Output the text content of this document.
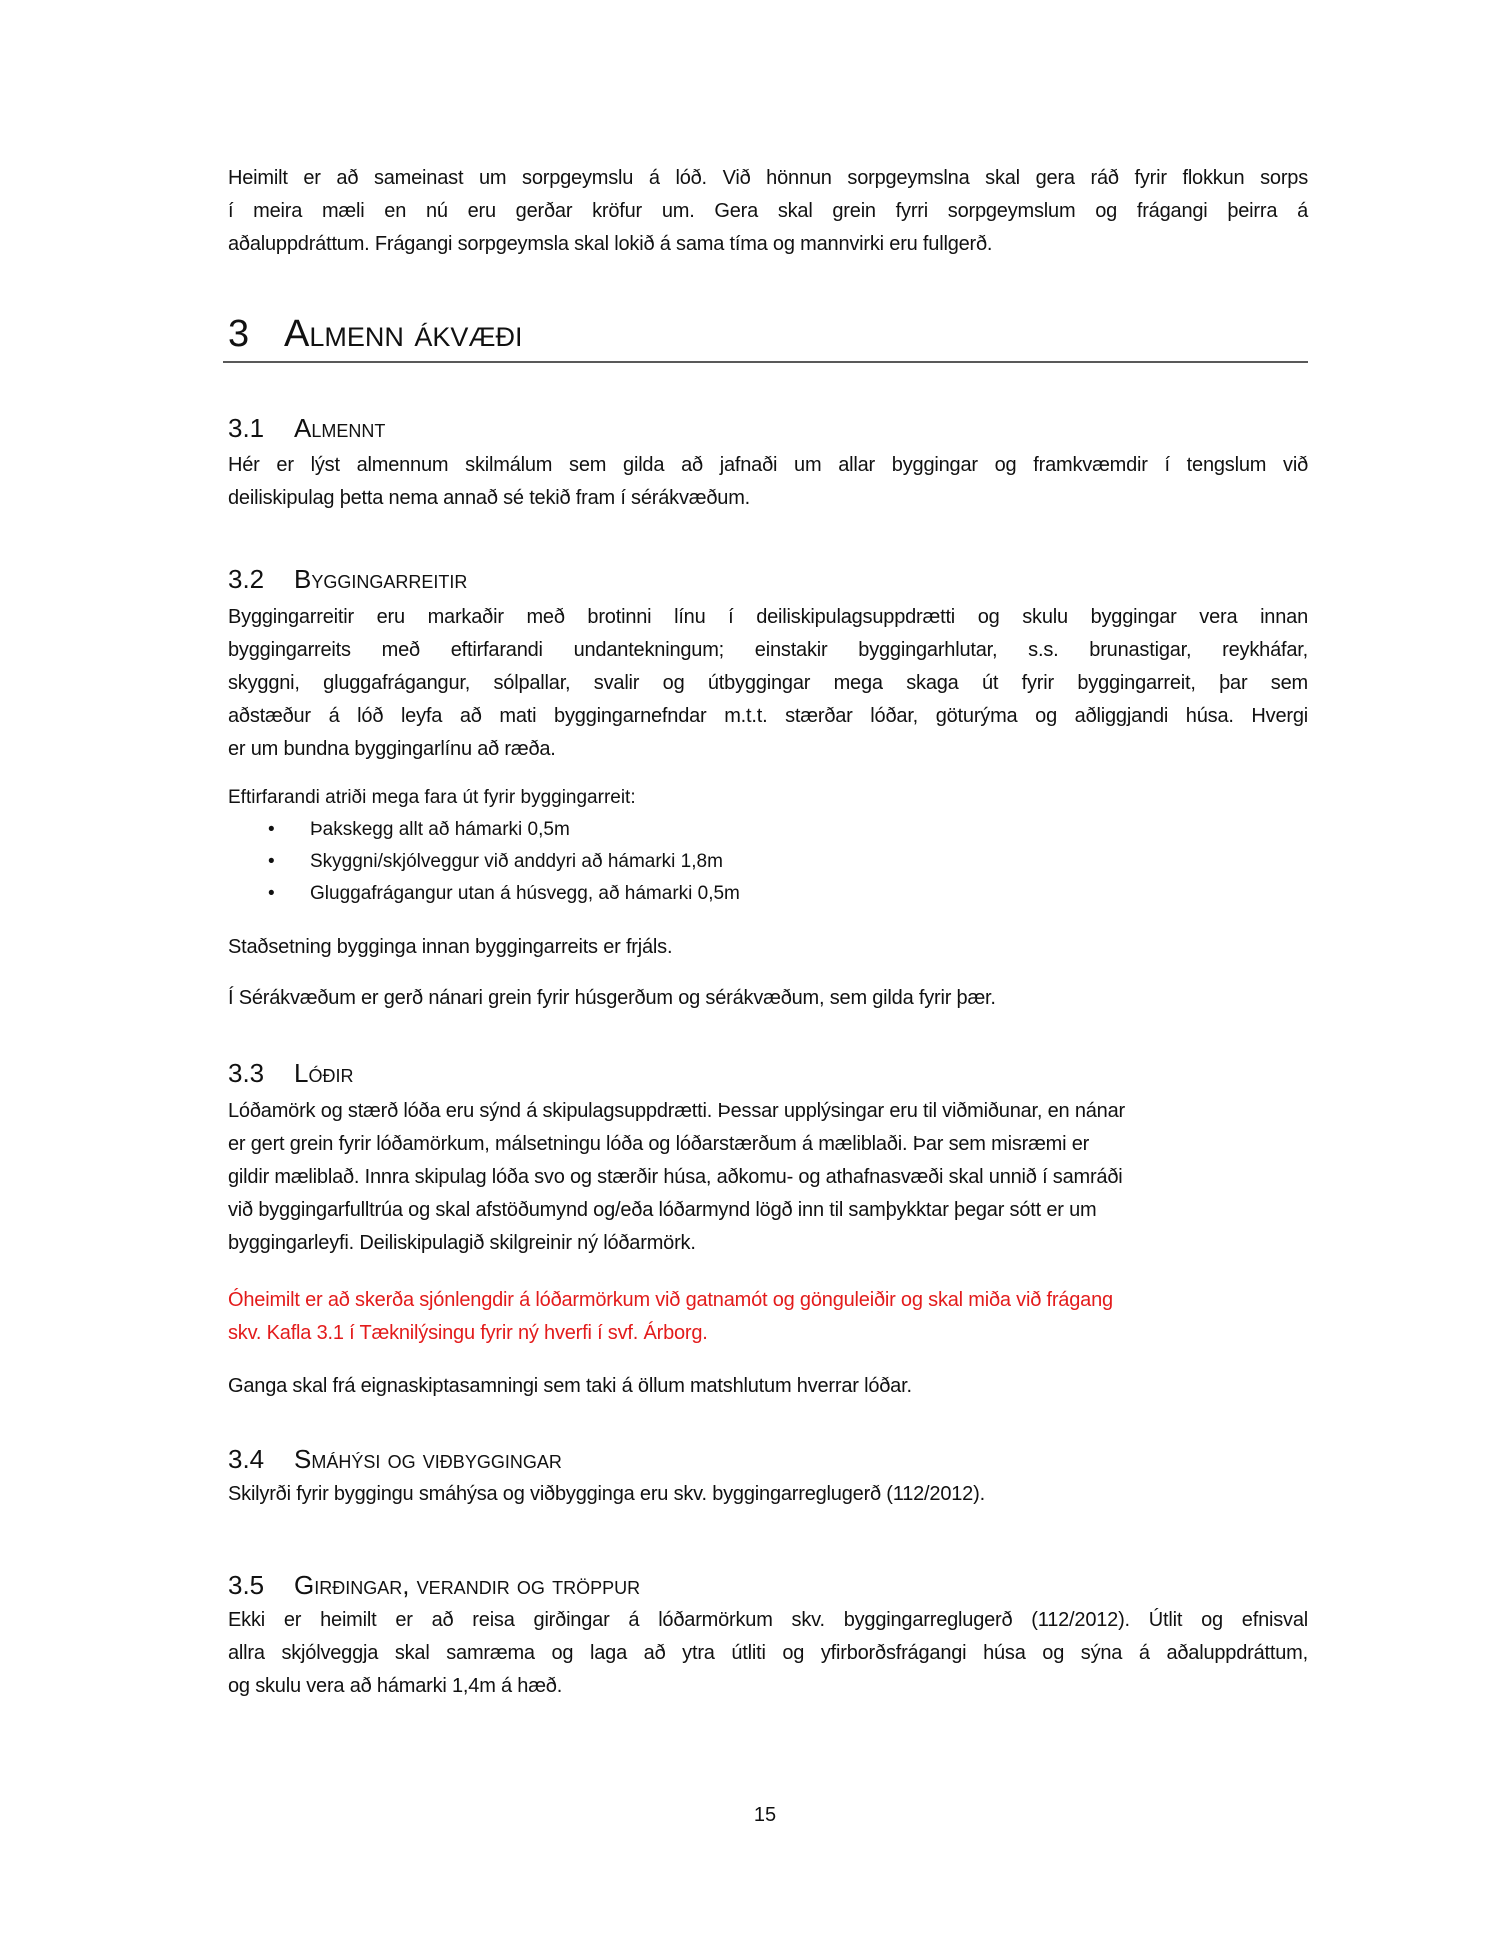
Heimilt er að sameinast um sorpgeymslu á lóð. Við hönnun sorpgeymslna skal gera ráð fyrir flokkun sorps
í meira mæli en nú eru gerðar kröfur um. Gera skal grein fyrri sorpgeymslum og frágangi þeirra á
aðaluppdráttum. Frágangi sorpgeymsla skal lokið á sama tíma og mannvirki eru fullgerð.
3 Almenn ákvæði
3.1 Almennt
Hér er lýst almennum skilmálum sem gilda að jafnaði um allar byggingar og framkvæmdir í tengslum við
deiliskipulag þetta nema annað sé tekið fram í sérákvæðum.
3.2 Byggingarreitir
Byggingarreitir eru markaðir með brotinni línu í deiliskipulagsuppdrætti og skulu byggingar vera innan
byggingarreits með eftirfarandi undantekningum; einstakir byggingarhlutar, s.s. brunastigar, reykháfar,
skyggni, gluggafrágangur, sólpallar, svalir og útbyggingar mega skaga út fyrir byggingarreit, þar sem
aðstæður á lóð leyfa að mati byggingarnefndar m.t.t. stærðar lóðar, göturýma og aðliggjandi húsa. Hvergi
er um bundna byggingarlínu að ræða.
Eftirfarandi atriði mega fara út fyrir byggingarreit:
• Þakskegg allt að hámarki 0,5m
• Skyggni/skjólveggur við anddyri að hámarki 1,8m
• Gluggafrágangur utan á húsvegg, að hámarki 0,5m
Staðsetning bygginga innan byggingarreits er frjáls.
Í Sérákvæðum er gerð nánari grein fyrir húsgerðum og sérákvæðum, sem gilda fyrir þær.
3.3 Lóðir
Lóðamörk og stærð lóða eru sýnd á skipulagsuppdrætti. Þessar upplýsingar eru til viðmiðunar, en nánar
er gert grein fyrir lóðamörkum, málsetningu lóða og lóðarstærðum á mæliblaði. Þar sem misræmi er
gildir mæliblað. Innra skipulag lóða svo og stærðir húsa, aðkomu- og athafnasvæði skal unnið í samráði
við byggingarfulltrúa og skal afstöðumynd og/eða lóðarmynd lögð inn til samþykktar þegar sótt er um
byggingarleyfi. Deiliskipulagið skilgreinir ný lóðarmörk.
Óheimilt er að skerða sjónlengdir á lóðarmörkum við gatnamót og gönguleiðir og skal miða við frágang
skv. Kafla 3.1 í Tæknilýsingu fyrir ný hverfi í svf. Árborg.
Ganga skal frá eignaskiptasamningi sem taki á öllum matshlutum hverrar lóðar.
3.4 Smáhýsi og viðbyggingar
Skilyrði fyrir byggingu smáhýsa og viðbygginga eru skv. byggingarreglugerð (112/2012).
3.5 Girðingar, verandir og tröppur
Ekki er heimilt er að reisa girðingar á lóðarmörkum skv. byggingarreglugerð (112/2012). Útlit og efnisval
allra skjólveggja skal samræma og laga að ytra útliti og yfirborðsfrágangi húsa og sýna á aðaluppdráttum,
og skulu vera að hámarki 1,4m á hæð.
15
